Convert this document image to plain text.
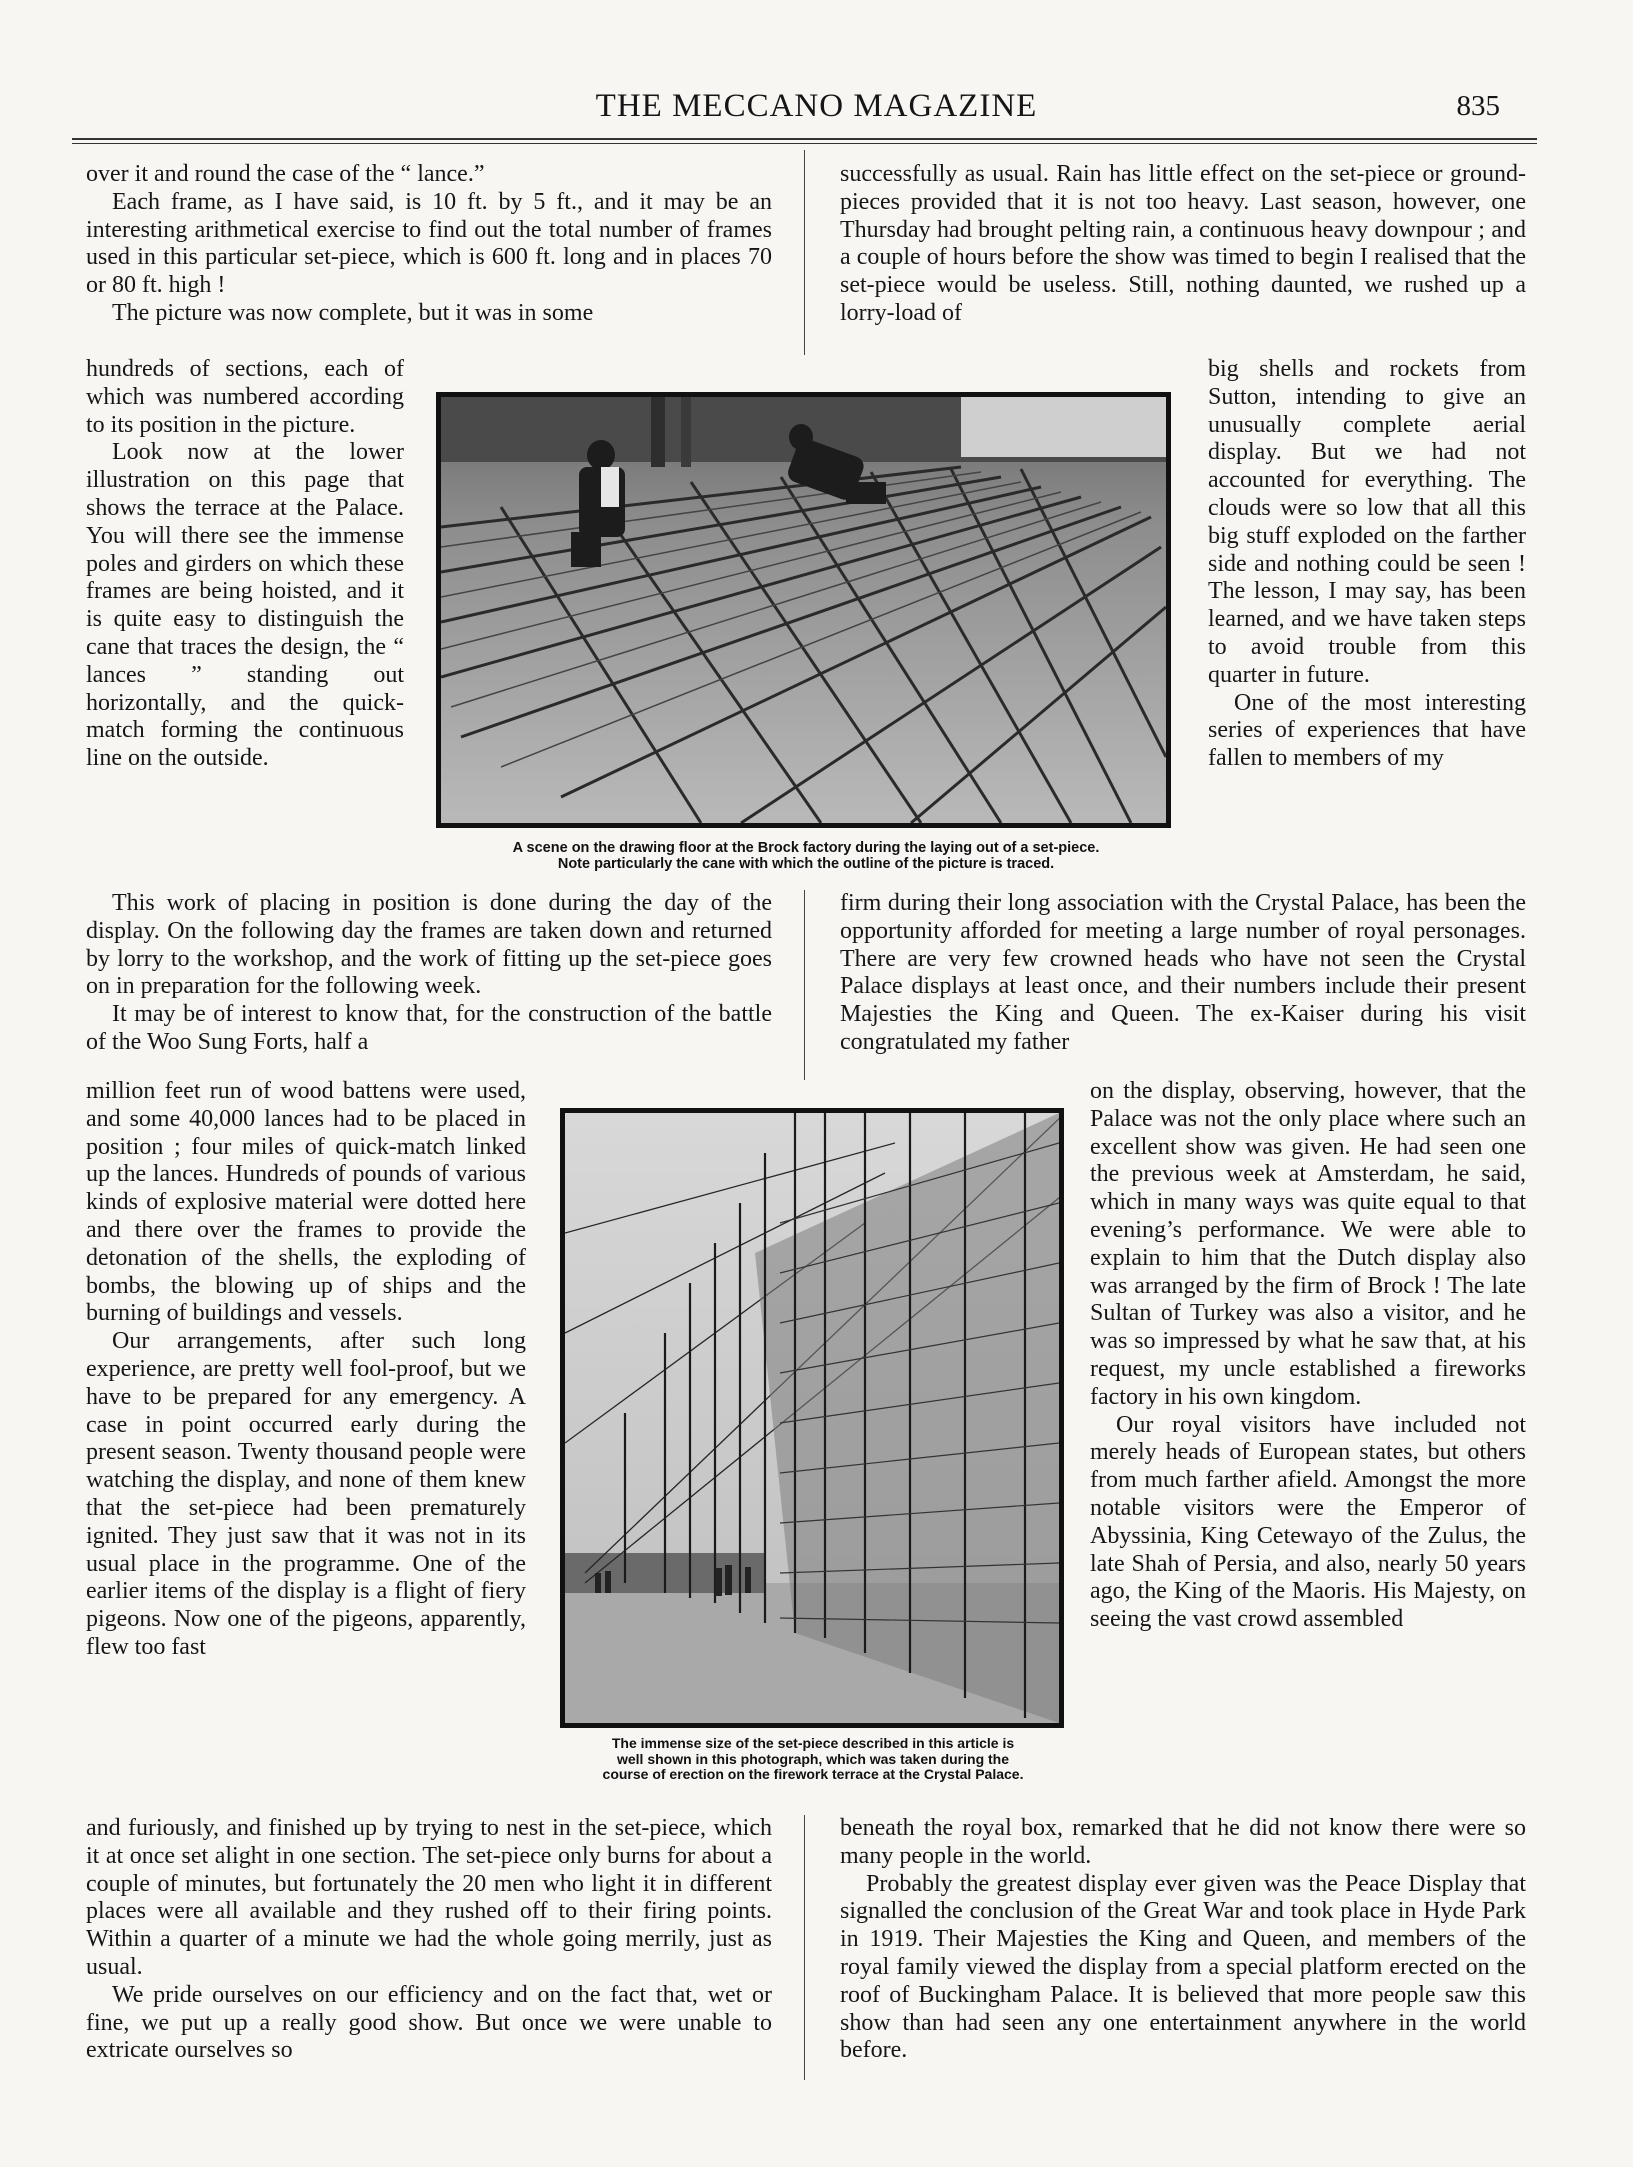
THE MECCANO MAGAZINE	835

over it and round the case of the “ lance.”

Each frame, as I have said, is 10 ft. by 5 ft., and it may be an interesting arithmetical exercise to find out the total number of frames used in this particular set-piece, which is 600 ft. long and in places 70 or 80 ft. high !

The picture was now complete, but it was in some

hundreds of sections, each of which was numbered according to its position in the picture.

Look now at the lower illustration on this page that shows the terrace at the Palace. You will there see the immense poles and girders on which these frames are being hoisted, and it is quite easy to distinguish the cane that traces the design, the “ lances ” standing out horizontally, and the quick-match forming the continuous line on the outside.

This work of placing in position is done during the day of the display. On the following day the frames are taken down and returned by lorry to the workshop, and the work of fitting up the set-piece goes on in preparation for the following week.

It may be of interest to know that, for the construction of the battle of the Woo Sung Forts, half a

million feet run of wood battens were used, and some 40,000 lances had to be placed in position ; four miles of quick-match linked up the lances. Hundreds of pounds of various kinds of explosive material were dotted here and there over the frames to provide the detonation of the shells, the exploding of bombs, the blowing up of ships and the burning of buildings and vessels.

Our arrangements, after such long experience, are pretty well fool-proof, but we have to be prepared for any emergency. A case in point occurred early during the present season. Twenty thousand people were watching the display, and none of them knew that the set-piece had been prematurely ignited. They just saw that it was not in its usual place in the programme. One of the earlier items of the display is a flight of fiery pigeons. Now one of the pigeons, apparently, flew too fast

and furiously, and finished up by trying to nest in the set-piece, which it at once set alight in one section. The set-piece only burns for about a couple of minutes, but fortunately the 20 men who light it in different places were all available and they rushed off to their firing points. Within a quarter of a minute we had the whole going merrily, just as usual.

We pride ourselves on our efficiency and on the fact that, wet or fine, we put up a really good show. But once we were unable to extricate ourselves so

successfully as usual. Rain has little effect on the set-piece or ground-pieces provided that it is not too heavy. Last season, however, one Thursday had brought pelting rain, a continuous heavy downpour ; and a couple of hours before the show was timed to begin I realised that the set-piece would be useless. Still, nothing daunted, we rushed up a lorry-load of

big shells and rockets from Sutton, intending to give an unusually complete aerial display. But we had not accounted for everything. The clouds were so low that all this big stuff exploded on the farther side and nothing could be seen ! The lesson, I may say, has been learned, and we have taken steps to avoid trouble from this quarter in future.

One of the most interesting series of experiences that have fallen to members of my

firm during their long association with the Crystal Palace, has been the opportunity afforded for meeting a large number of royal personages. There are very few crowned heads who have not seen the Crystal Palace displays at least once, and their numbers include their present Majesties the King and Queen. The ex-Kaiser during his visit congratulated my father

on the display, observing, however, that the Palace was not the only place where such an excellent show was given. He had seen one the previous week at Amsterdam, he said, which in many ways was quite equal to that evening’s performance. We were able to explain to him that the Dutch display also was arranged by the firm of Brock ! The late Sultan of Turkey was also a visitor, and he was so impressed by what he saw that, at his request, my uncle established a fireworks factory in his own kingdom.

Our royal visitors have included not merely heads of European states, but others from much farther afield. Amongst the more notable visitors were the Emperor of Abyssinia, King Cetewayo of the Zulus, the late Shah of Persia, and also, nearly 50 years ago, the King of the Maoris. His Majesty, on seeing the vast crowd assembled

beneath the royal box, remarked that he did not know there were so many people in the world.

Probably the greatest display ever given was the Peace Display that signalled the conclusion of the Great War and took place in Hyde Park in 1919. Their Majesties the King and Queen, and members of the royal family viewed the display from a special platform erected on the roof of Buckingham Palace. It is believed that more people saw this show than had seen any one entertainment anywhere in the world before.

A scene on the drawing floor at the Brock factory during the laying out of a set-piece.
Note particularly the cane with which the outline of the picture is traced.
The immense size of the set-piece described in this article is
well shown in this photograph, which was taken during the
course of erection on the firework terrace at the Crystal Palace.
